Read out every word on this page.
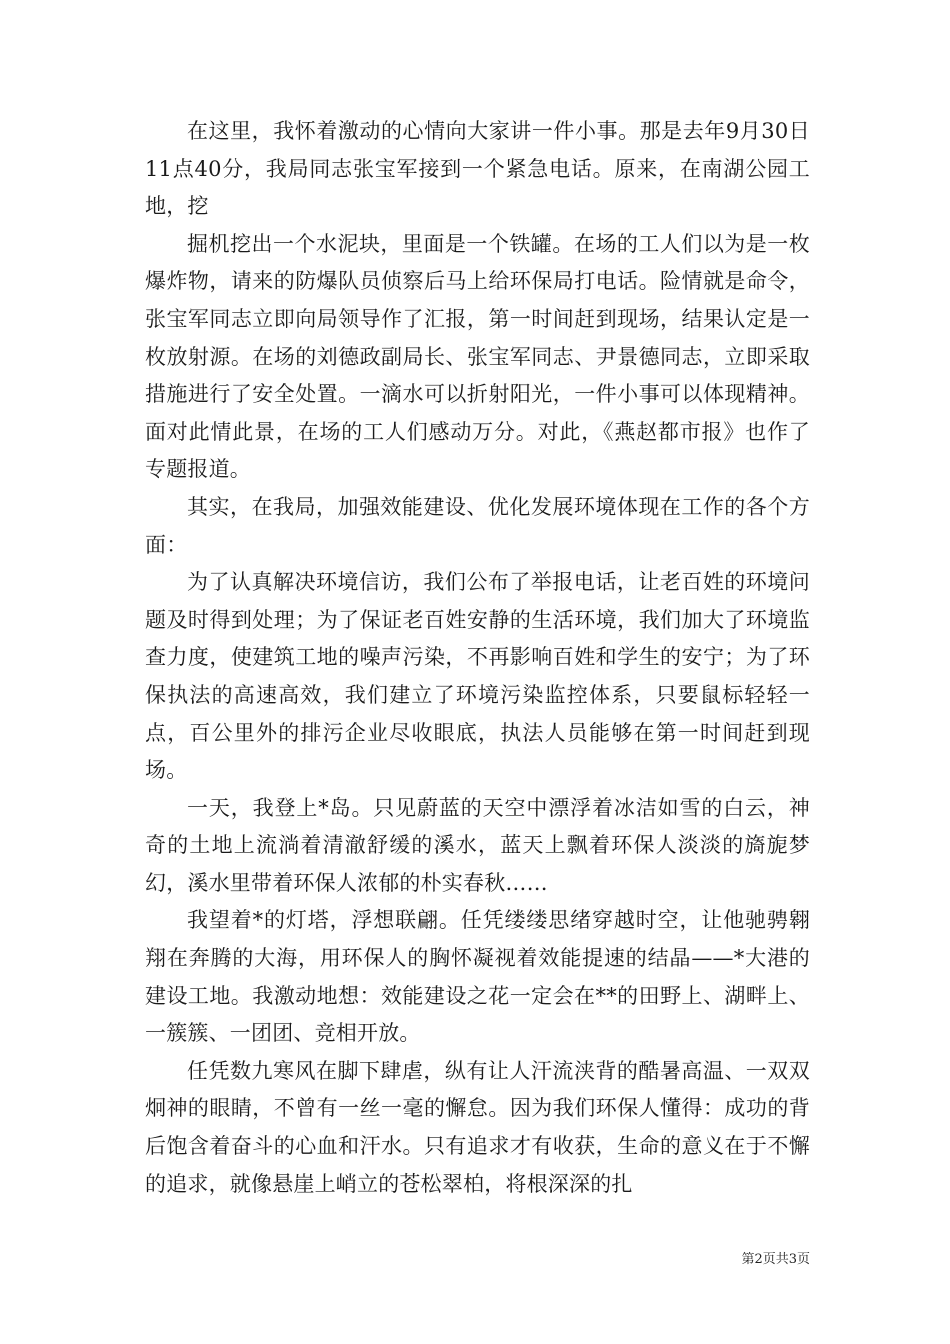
在这里，我怀着激动的心情向大家讲一件小事。那是去年9月30日11点40分，我局同志张宝军接到一个紧急电话。原来，在南湖公园工地，挖

掘机挖出一个水泥块，里面是一个铁罐。在场的工人们以为是一枚爆炸物，请来的防爆队员侦察后马上给环保局打电话。险情就是命令，张宝军同志立即向局领导作了汇报，第一时间赶到现场，结果认定是一枚放射源。在场的刘德政副局长、张宝军同志、尹景德同志，立即采取措施进行了安全处置。一滴水可以折射阳光，一件小事可以体现精神。面对此情此景，在场的工人们感动万分。对此，《燕赵都市报》也作了专题报道。

其实，在我局，加强效能建设、优化发展环境体现在工作的各个方面：

为了认真解决环境信访，我们公布了举报电话，让老百姓的环境问题及时得到处理；为了保证老百姓安静的生活环境，我们加大了环境监查力度，使建筑工地的噪声污染，不再影响百姓和学生的安宁；为了环保执法的高速高效，我们建立了环境污染监控体系，只要鼠标轻轻一点，百公里外的排污企业尽收眼底，执法人员能够在第一时间赶到现场。

一天，我登上*岛。只见蔚蓝的天空中漂浮着冰洁如雪的白云，神奇的土地上流淌着清澈舒缓的溪水，蓝天上飘着环保人淡淡的旖旎梦幻，溪水里带着环保人浓郁的朴实春秋……

我望着*的灯塔，浮想联翩。任凭缕缕思绪穿越时空，让他驰骋翱翔在奔腾的大海，用环保人的胸怀凝视着效能提速的结晶——*大港的建设工地。我激动地想：效能建设之花一定会在**的田野上、湖畔上、一簇簇、一团团、竞相开放。

任凭数九寒风在脚下肆虐，纵有让人汗流浃背的酷暑高温、一双双炯神的眼睛，不曾有一丝一毫的懈怠。因为我们环保人懂得：成功的背后饱含着奋斗的心血和汗水。只有追求才有收获，生命的意义在于不懈的追求，就像悬崖上峭立的苍松翠柏，将根深深的扎

第2页共3页
